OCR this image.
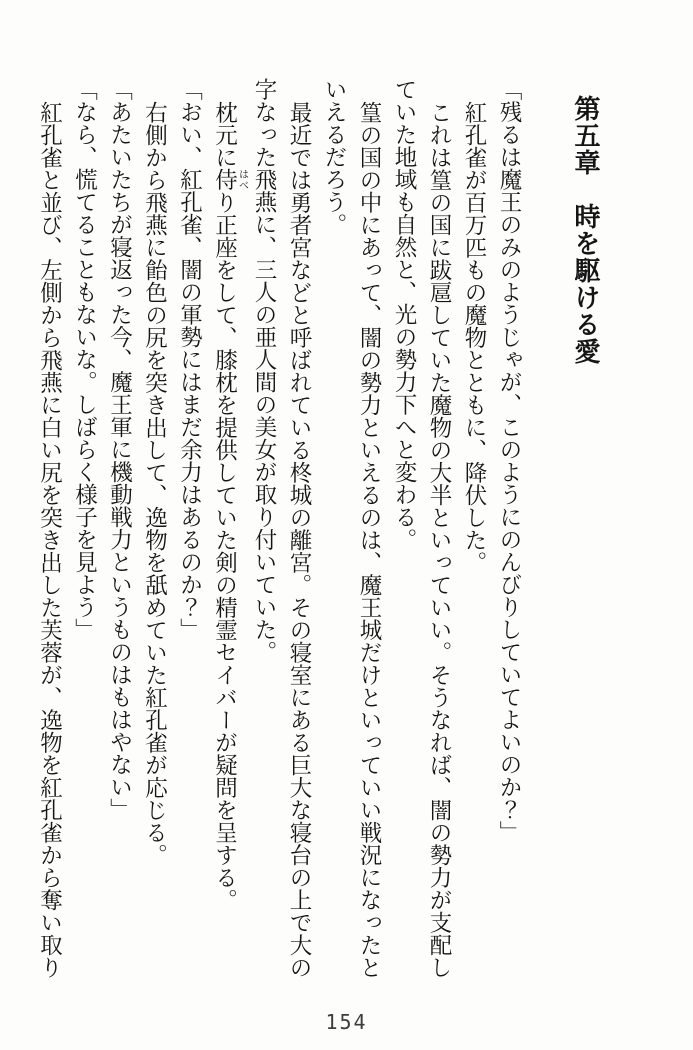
第五章　時を駆ける愛

「残るは魔王のみのようじゃが、このようにのんびりしていてよいのか？」

紅孔雀が百万匹もの魔物とともに、降伏した。

これは篁の国に跋扈していた魔物の大半といっていい。そうなれば、闇の勢力が支配し

ていた地域も自然と、光の勢力下へと変わる。

篁の国の中にあって、闇の勢力といえるのは、魔王城だけといっていい戦況になったと

いえるだろう。

最近では勇者宮などと呼ばれている柊城の離宮。その寝室にある巨大な寝台の上で大の

字なった飛燕に、三人の亜人間の美女が取り付いていた。

枕元に侍 はべり正座をして、膝枕を提供していた剣の精霊セイバーが疑問を呈する。

「おい、紅孔雀、闇の軍勢にはまだ余力はあるのか？」

右側から飛燕に飴色の尻を突き出して、逸物を舐めていた紅孔雀が応じる。

「あたいたちが寝返った今、魔王軍に機動戦力というものはもはやない」

「なら、慌てることもないな。しばらく様子を見よう」

紅孔雀と並び、左側から飛燕に白い尻を突き出した芙蓉が、逸物を紅孔雀から奪い取り

154
